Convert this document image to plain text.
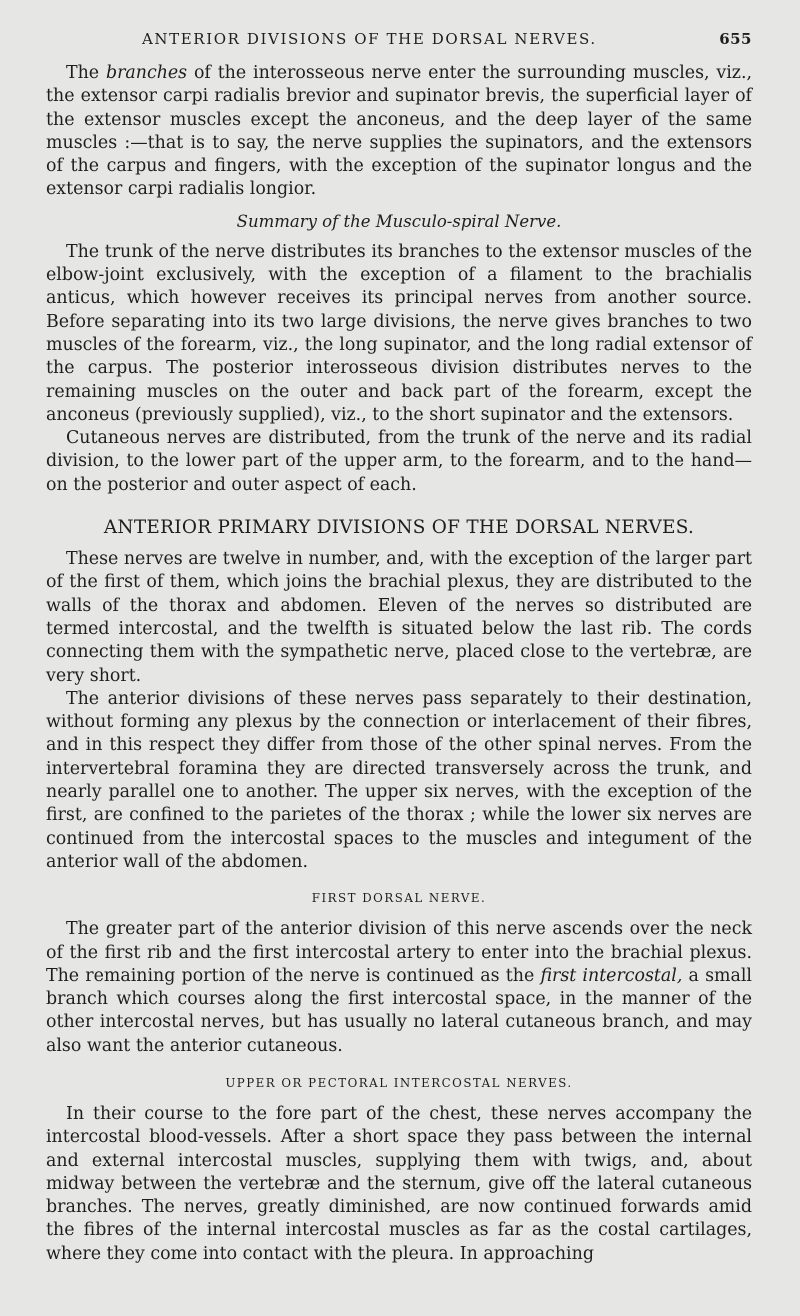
ANTERIOR DIVISIONS OF THE DORSAL NERVES.	655

The branches of the interosseous nerve enter the surrounding muscles, viz., the extensor carpi radialis brevior and supinator brevis, the superficial layer of the extensor muscles except the anconeus, and the deep layer of the same muscles :—that is to say, the nerve supplies the supinators, and the extensors of the carpus and fingers, with the exception of the supinator longus and the extensor carpi radialis longior.

Summary of the Musculo-spiral Nerve.

The trunk of the nerve distributes its branches to the extensor muscles of the elbow-joint exclusively, with the exception of a filament to the brachialis anticus, which however receives its principal nerves from another source. Before separating into its two large divisions, the nerve gives branches to two muscles of the forearm, viz., the long supinator, and the long radial extensor of the carpus. The posterior interosseous division distributes nerves to the remaining muscles on the outer and back part of the forearm, except the anconeus (previously supplied), viz., to the short supinator and the extensors.

Cutaneous nerves are distributed, from the trunk of the nerve and its radial division, to the lower part of the upper arm, to the forearm, and to the hand—on the posterior and outer aspect of each.

ANTERIOR PRIMARY DIVISIONS OF THE DORSAL NERVES.

These nerves are twelve in number, and, with the exception of the larger part of the first of them, which joins the brachial plexus, they are distributed to the walls of the thorax and abdomen. Eleven of the nerves so distributed are termed intercostal, and the twelfth is situated below the last rib. The cords connecting them with the sympathetic nerve, placed close to the vertebræ, are very short.

The anterior divisions of these nerves pass separately to their destination, without forming any plexus by the connection or interlacement of their fibres, and in this respect they differ from those of the other spinal nerves. From the intervertebral foramina they are directed transversely across the trunk, and nearly parallel one to another. The upper six nerves, with the exception of the first, are confined to the parietes of the thorax ; while the lower six nerves are continued from the intercostal spaces to the muscles and integument of the anterior wall of the abdomen.

FIRST DORSAL NERVE.

The greater part of the anterior division of this nerve ascends over the neck of the first rib and the first intercostal artery to enter into the brachial plexus. The remaining portion of the nerve is continued as the first intercostal, a small branch which courses along the first intercostal space, in the manner of the other intercostal nerves, but has usually no lateral cutaneous branch, and may also want the anterior cutaneous.

UPPER OR PECTORAL INTERCOSTAL NERVES.

In their course to the fore part of the chest, these nerves accompany the intercostal blood-vessels. After a short space they pass between the internal and external intercostal muscles, supplying them with twigs, and, about midway between the vertebræ and the sternum, give off the lateral cutaneous branches. The nerves, greatly diminished, are now continued forwards amid the fibres of the internal intercostal muscles as far as the costal cartilages, where they come into contact with the pleura. In approaching
